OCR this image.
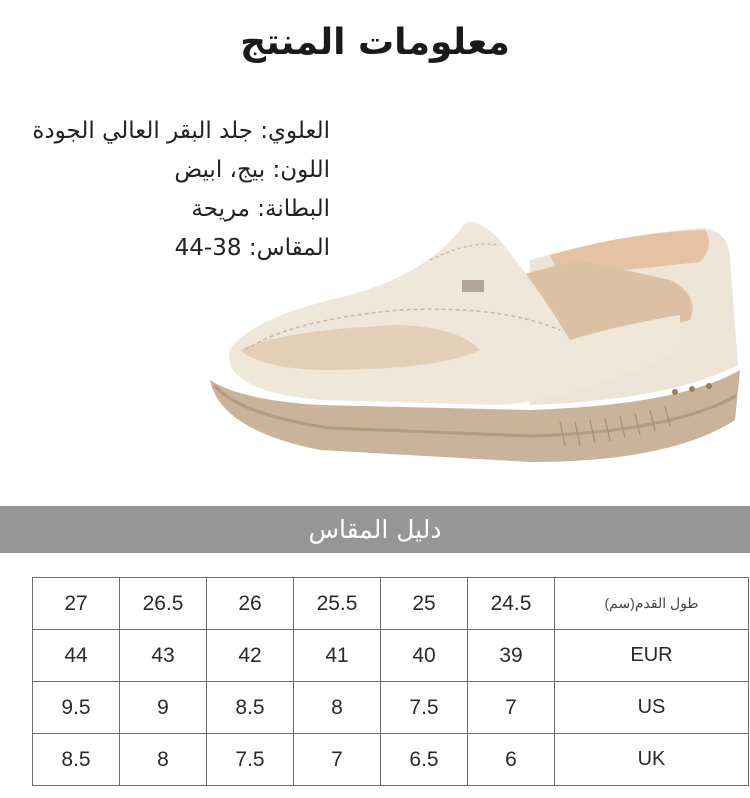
معلومات المنتج
العلوي: جلد البقر العالي الجودة
اللون: بيج، ابيض
البطانة: مريحة
المقاس: 38-44
دليل المقاس
27	26.5	26	25.5	25	24.5	طول القدم(سم)
44	43	42	41	40	39	EUR
9.5	9	8.5	8	7.5	7	US
8.5	8	7.5	7	6.5	6	UK
